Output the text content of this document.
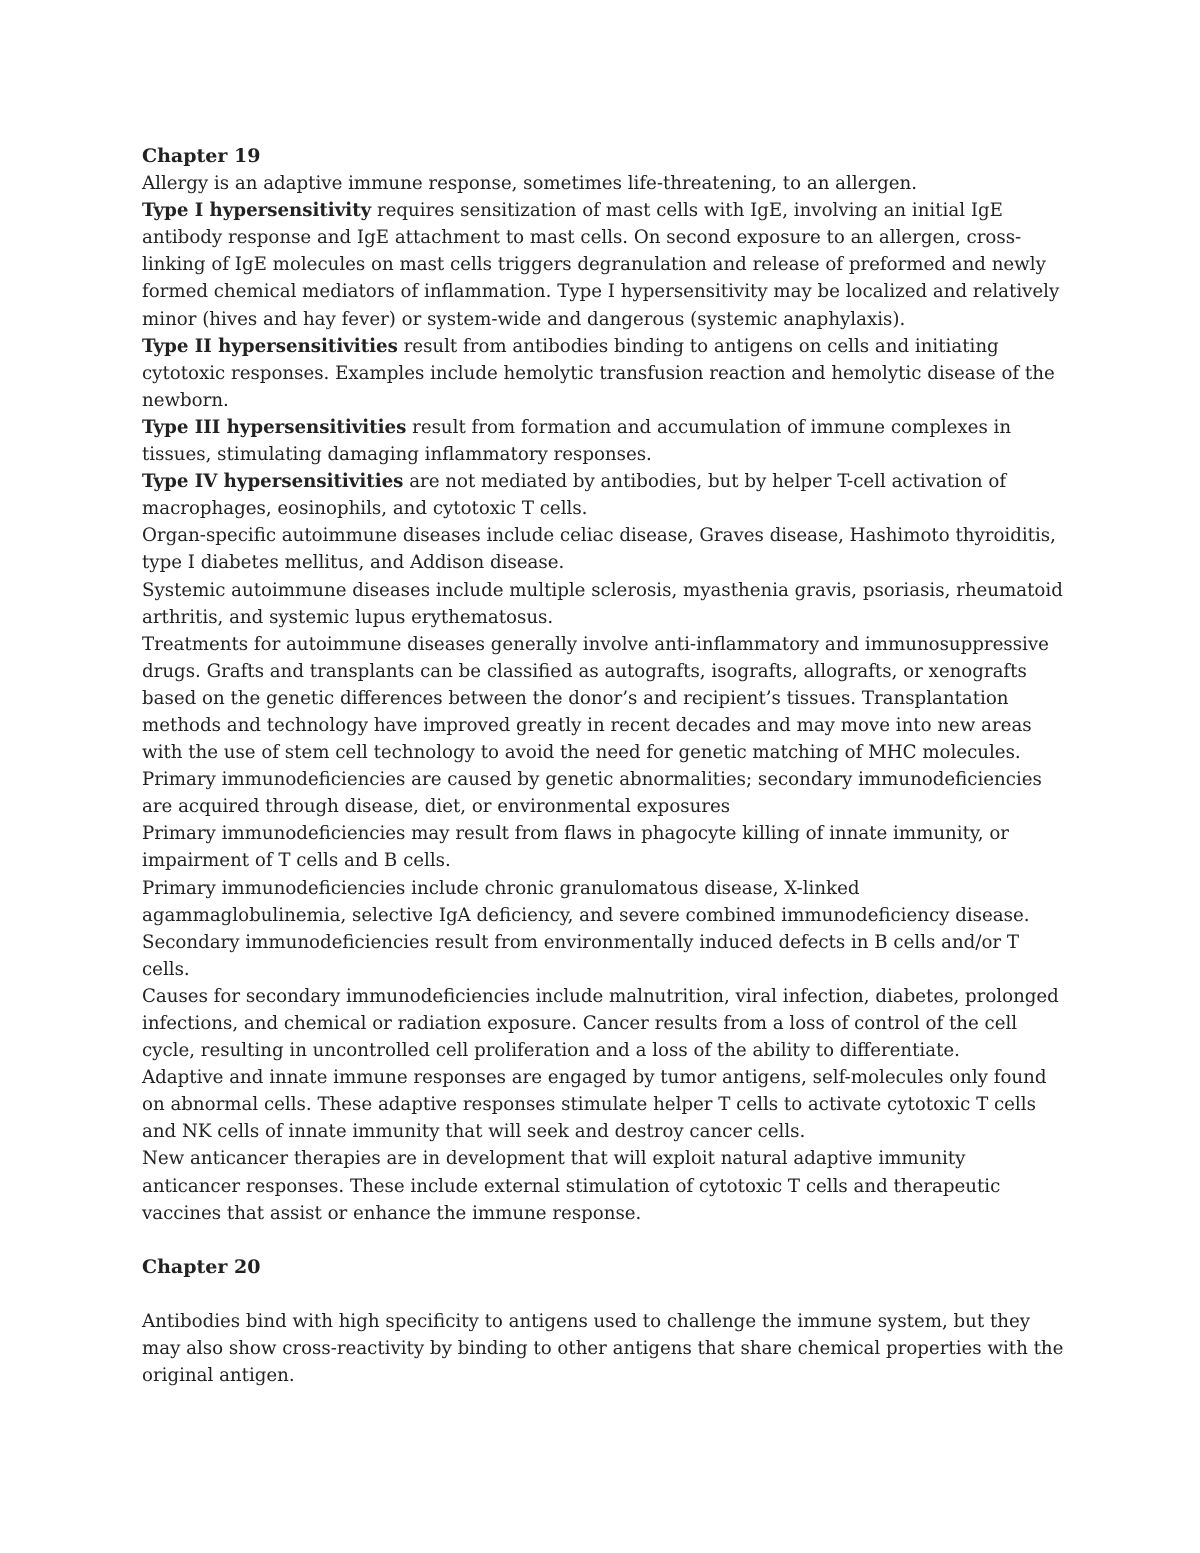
Chapter 19

Allergy is an adaptive immune response, sometimes life-threatening, to an allergen.

Type I hypersensitivity requires sensitization of mast cells with IgE, involving an initial IgE antibody response and IgE attachment to mast cells. On second exposure to an allergen, cross-linking of IgE molecules on mast cells triggers degranulation and release of preformed and newly formed chemical mediators of inflammation. Type I hypersensitivity may be localized and relatively minor (hives and hay fever) or system-wide and dangerous (systemic anaphylaxis).

Type II hypersensitivities result from antibodies binding to antigens on cells and initiating cytotoxic responses. Examples include hemolytic transfusion reaction and hemolytic disease of the newborn.

Type III hypersensitivities result from formation and accumulation of immune complexes in tissues, stimulating damaging inflammatory responses.

Type IV hypersensitivities are not mediated by antibodies, but by helper T-cell activation of macrophages, eosinophils, and cytotoxic T cells.

Organ-specific autoimmune diseases include celiac disease, Graves disease, Hashimoto thyroiditis, type I diabetes mellitus, and Addison disease.

Systemic autoimmune diseases include multiple sclerosis, myasthenia gravis, psoriasis, rheumatoid arthritis, and systemic lupus erythematosus.

Treatments for autoimmune diseases generally involve anti-inflammatory and immunosuppressive drugs. Grafts and transplants can be classified as autografts, isografts, allografts, or xenografts based on the genetic differences between the donor’s and recipient’s tissues. Transplantation methods and technology have improved greatly in recent decades and may move into new areas with the use of stem cell technology to avoid the need for genetic matching of MHC molecules. Primary immunodeficiencies are caused by genetic abnormalities; secondary immunodeficiencies are acquired through disease, diet, or environmental exposures

Primary immunodeficiencies may result from flaws in phagocyte killing of innate immunity, or impairment of T cells and B cells.

Primary immunodeficiencies include chronic granulomatous disease, X-linked agammaglobulinemia, selective IgA deficiency, and severe combined immunodeficiency disease.

Secondary immunodeficiencies result from environmentally induced defects in B cells and/or T cells.

Causes for secondary immunodeficiencies include malnutrition, viral infection, diabetes, prolonged infections, and chemical or radiation exposure. Cancer results from a loss of control of the cell cycle, resulting in uncontrolled cell proliferation and a loss of the ability to differentiate.

Adaptive and innate immune responses are engaged by tumor antigens, self-molecules only found on abnormal cells. These adaptive responses stimulate helper T cells to activate cytotoxic T cells and NK cells of innate immunity that will seek and destroy cancer cells.

New anticancer therapies are in development that will exploit natural adaptive immunity anticancer responses. These include external stimulation of cytotoxic T cells and therapeutic vaccines that assist or enhance the immune response.

Chapter 20

Antibodies bind with high specificity to antigens used to challenge the immune system, but they may also show cross-reactivity by binding to other antigens that share chemical properties with the original antigen.
